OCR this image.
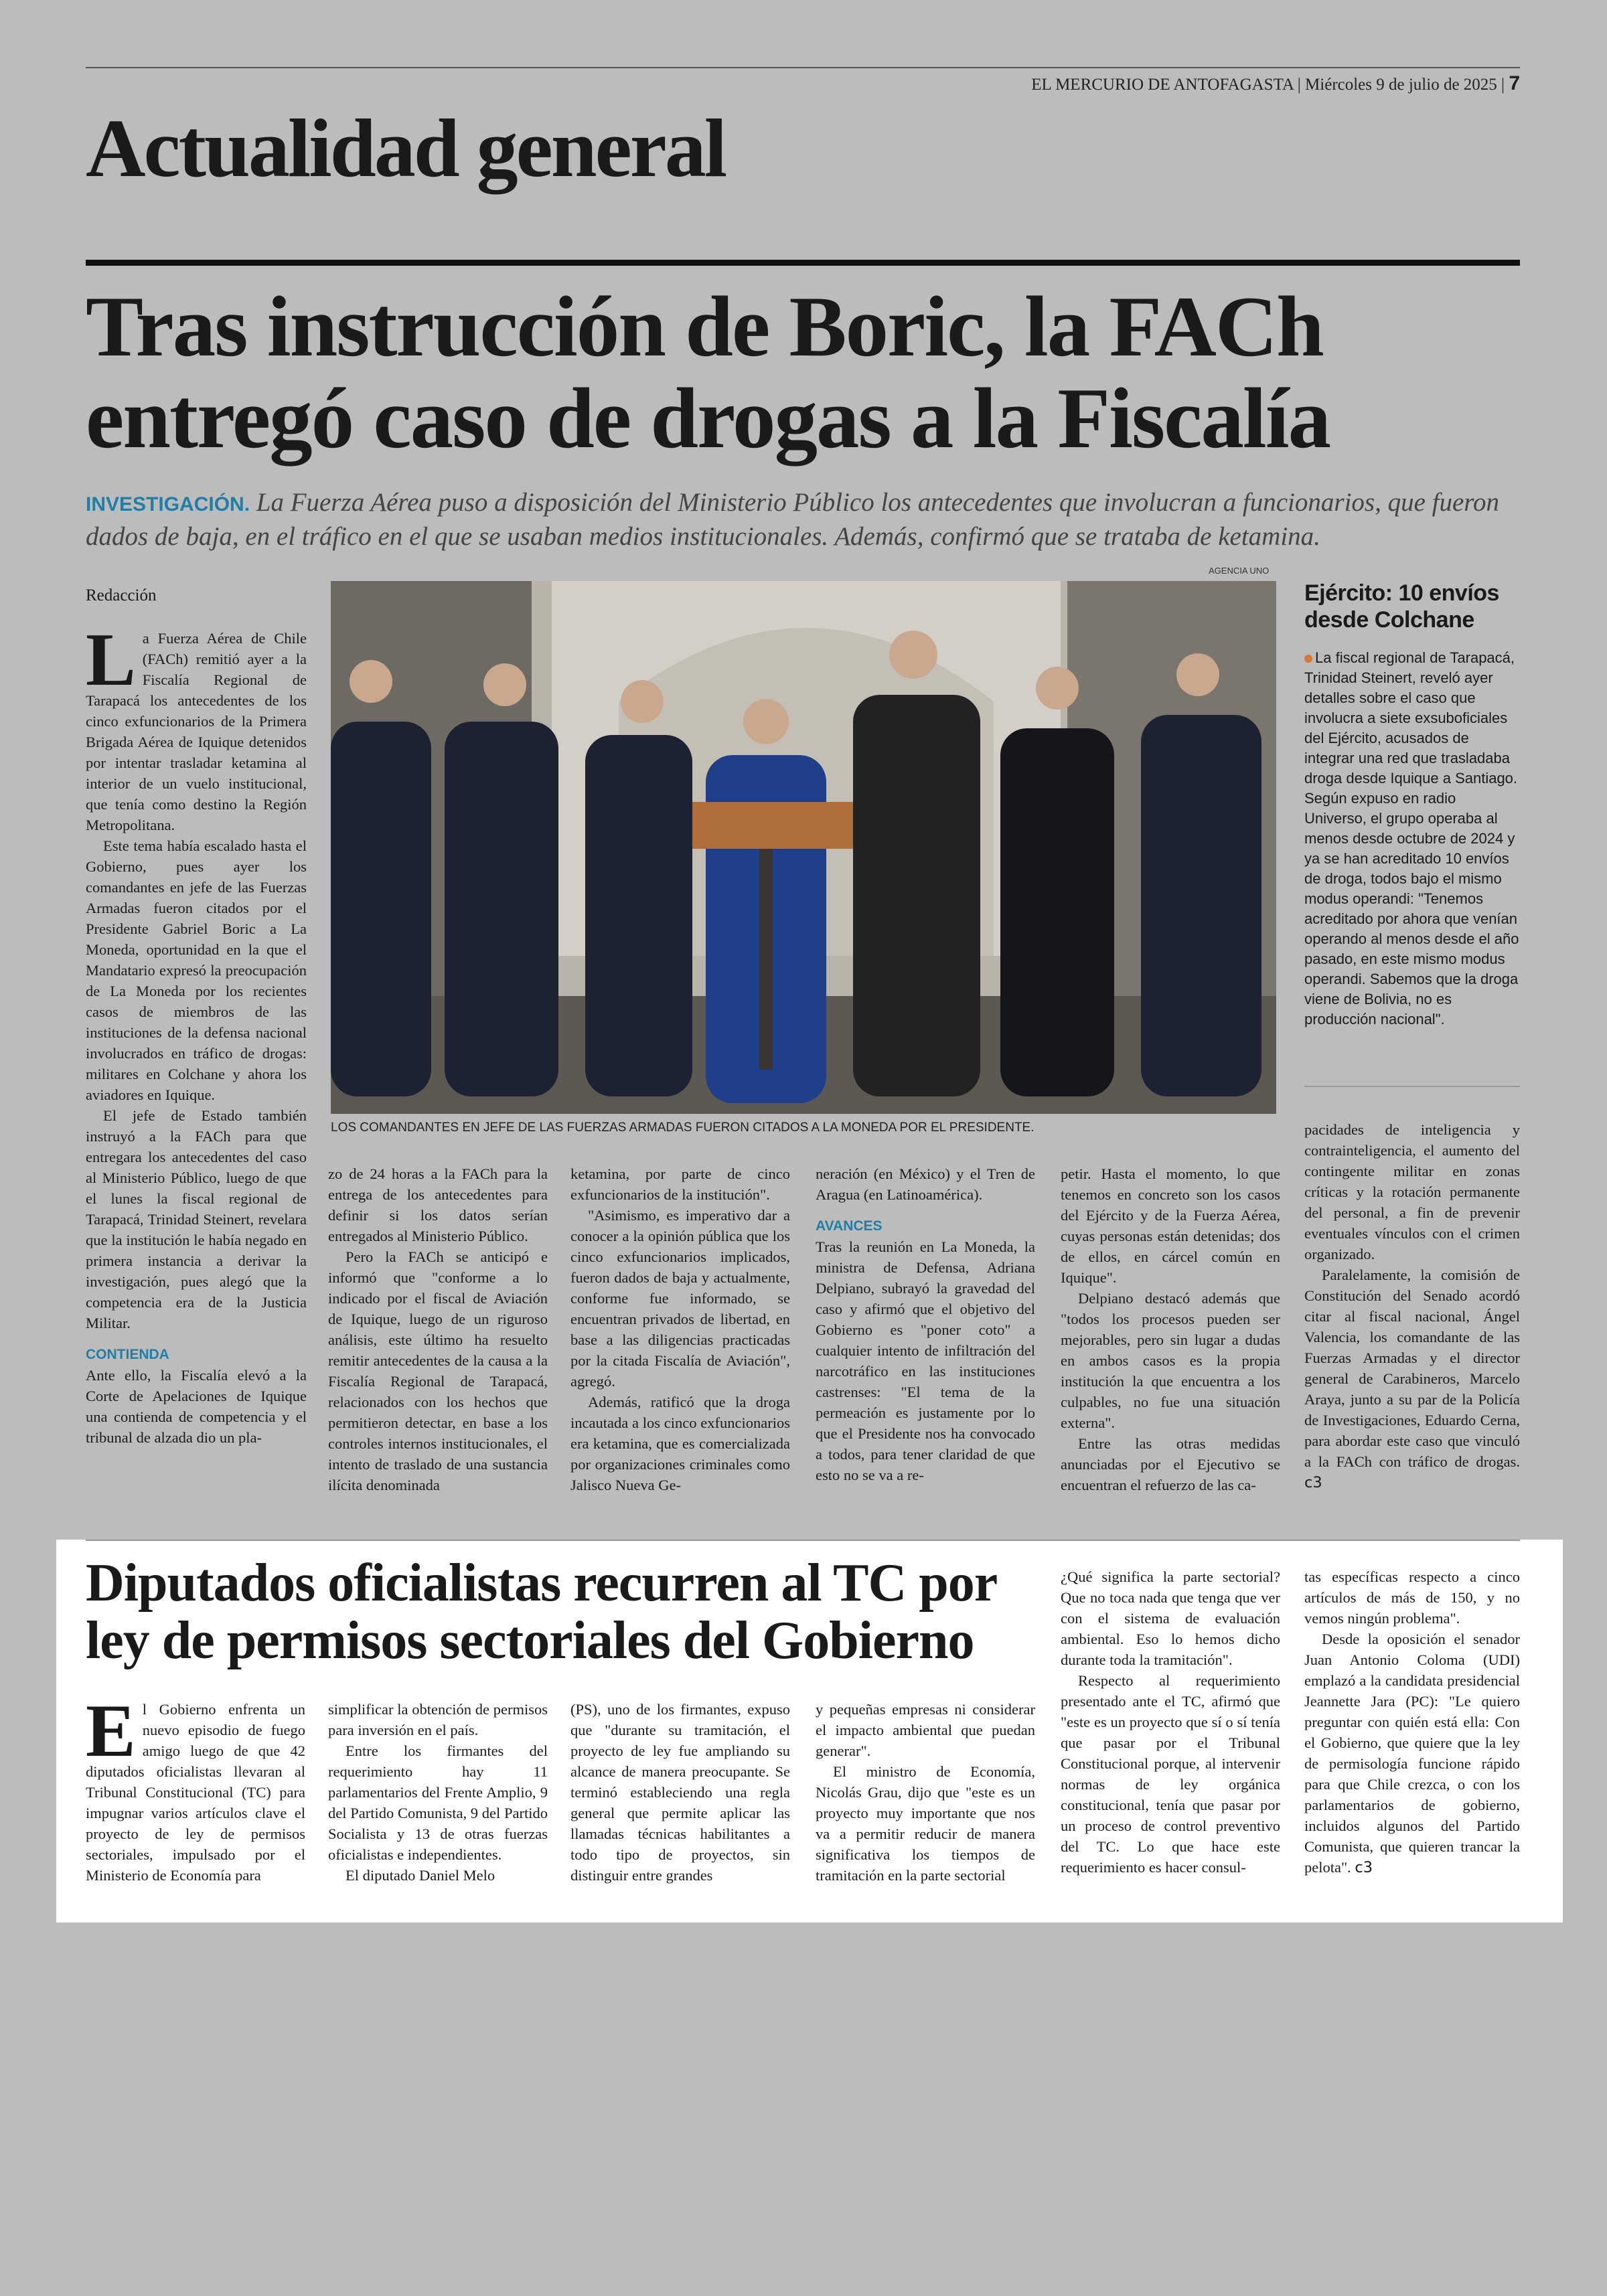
EL MERCURIO DE ANTOFAGASTA | Miércoles 9 de julio de 2025 | 7
Actualidad general
Tras instrucción de Boric, la FACh entregó caso de drogas a la Fiscalía
INVESTIGACIÓN. La Fuerza Aérea puso a disposición del Ministerio Público los antecedentes que involucran a funcionarios, que fueron dados de baja, en el tráfico en el que se usaban medios institucionales. Además, confirmó que se trataba de ketamina.
AGENCIA UNO
Redacción

La Fuerza Aérea de Chile (FACh) remitió ayer a la Fiscalía Regional de Tarapacá los antecedentes de los cinco exfuncionarios de la Primera Brigada Aérea de Iquique detenidos por intentar trasladar ketamina al interior de un vuelo institucional, que tenía como destino la Región Metropolitana.

Este tema había escalado hasta el Gobierno, pues ayer los comandantes en jefe de las Fuerzas Armadas fueron citados por el Presidente Gabriel Boric a La Moneda, oportunidad en la que el Mandatario expresó la preocupación de La Moneda por los recientes casos de miembros de las instituciones de la defensa nacional involucrados en tráfico de drogas: militares en Colchane y ahora los aviadores en Iquique.

El jefe de Estado también instruyó a la FACh para que entregara los antecedentes del caso al Ministerio Público, luego de que el lunes la fiscal regional de Tarapacá, Trinidad Steinert, revelara que la institución le había negado en primera instancia a derivar la investigación, pues alegó que la competencia era de la Justicia Militar.

CONTIENDA

Ante ello, la Fiscalía elevó a la Corte de Apelaciones de Iquique una contienda de competencia y el tribunal de alzada dio un pla-

LOS COMANDANTES EN JEFE DE LAS FUERZAS ARMADAS FUERON CITADOS A LA MONEDA POR EL PRESIDENTE.
Ejército: 10 envíos desde Colchane
La fiscal regional de Tarapacá, Trinidad Steinert, reveló ayer detalles sobre el caso que involucra a siete exsuboficiales del Ejército, acusados de integrar una red que trasladaba droga desde Iquique a Santiago. Según expuso en radio Universo, el grupo operaba al menos desde octubre de 2024 y ya se han acreditado 10 envíos de droga, todos bajo el mismo modus operandi: "Tenemos acreditado por ahora que venían operando al menos desde el año pasado, en este mismo modus operandi. Sabemos que la droga viene de Bolivia, no es producción nacional".

zo de 24 horas a la FACh para la entrega de los antecedentes para definir si los datos serían entregados al Ministerio Público.

Pero la FACh se anticipó e informó que "conforme a lo indicado por el fiscal de Aviación de Iquique, luego de un riguroso análisis, este último ha resuelto remitir antecedentes de la causa a la Fiscalía Regional de Tarapacá, relacionados con los hechos que permitieron detectar, en base a los controles internos institucionales, el intento de traslado de una sustancia ilícita denominada

ketamina, por parte de cinco exfuncionarios de la institución".

"Asimismo, es imperativo dar a conocer a la opinión pública que los cinco exfuncionarios implicados, fueron dados de baja y actualmente, conforme fue informado, se encuentran privados de libertad, en base a las diligencias practicadas por la citada Fiscalía de Aviación", agregó.

Además, ratificó que la droga incautada a los cinco exfuncionarios era ketamina, que es comercializada por organizaciones criminales como Jalisco Nueva Ge-

neración (en México) y el Tren de Aragua (en Latinoamérica).

AVANCES

Tras la reunión en La Moneda, la ministra de Defensa, Adriana Delpiano, subrayó la gravedad del caso y afirmó que el objetivo del Gobierno es "poner coto" a cualquier intento de infiltración del narcotráfico en las instituciones castrenses: "El tema de la permeación es justamente por lo que el Presidente nos ha convocado a todos, para tener claridad de que esto no se va a re-

petir. Hasta el momento, lo que tenemos en concreto son los casos del Ejército y de la Fuerza Aérea, cuyas personas están detenidas; dos de ellos, en cárcel común en Iquique".

Delpiano destacó además que "todos los procesos pueden ser mejorables, pero sin lugar a dudas en ambos casos es la propia institución la que encuentra a los culpables, no fue una situación externa".

Entre las otras medidas anunciadas por el Ejecutivo se encuentran el refuerzo de las ca-

pacidades de inteligencia y contrainteligencia, el aumento del contingente militar en zonas críticas y la rotación permanente del personal, a fin de prevenir eventuales vínculos con el crimen organizado.

Paralelamente, la comisión de Constitución del Senado acordó citar al fiscal nacional, Ángel Valencia, los comandante de las Fuerzas Armadas y el director general de Carabineros, Marcelo Araya, junto a su par de la Policía de Investigaciones, Eduardo Cerna, para abordar este caso que vinculó a la FACh con tráfico de drogas. c3

Diputados oficialistas recurren al TC por ley de permisos sectoriales del Gobierno

El Gobierno enfrenta un nuevo episodio de fuego amigo luego de que 42 diputados oficialistas llevaran al Tribunal Constitucional (TC) para impugnar varios artículos clave el proyecto de ley de permisos sectoriales, impulsado por el Ministerio de Economía para

simplificar la obtención de permisos para inversión en el país.

Entre los firmantes del requerimiento hay 11 parlamentarios del Frente Amplio, 9 del Partido Comunista, 9 del Partido Socialista y 13 de otras fuerzas oficialistas e independientes.

El diputado Daniel Melo

(PS), uno de los firmantes, expuso que "durante su tramitación, el proyecto de ley fue ampliando su alcance de manera preocupante. Se terminó estableciendo una regla general que permite aplicar las llamadas técnicas habilitantes a todo tipo de proyectos, sin distinguir entre grandes

y pequeñas empresas ni considerar el impacto ambiental que puedan generar".

El ministro de Economía, Nicolás Grau, dijo que "este es un proyecto muy importante que nos va a permitir reducir de manera significativa los tiempos de tramitación en la parte sectorial

¿Qué significa la parte sectorial? Que no toca nada que tenga que ver con el sistema de evaluación ambiental. Eso lo hemos dicho durante toda la tramitación".

Respecto al requerimiento presentado ante el TC, afirmó que "este es un proyecto que sí o sí tenía que pasar por el Tribunal Constitucional porque, al intervenir normas de ley orgánica constitucional, tenía que pasar por un proceso de control preventivo del TC. Lo que hace este requerimiento es hacer consul-

tas específicas respecto a cinco artículos de más de 150, y no vemos ningún problema".

Desde la oposición el senador Juan Antonio Coloma (UDI) emplazó a la candidata presidencial Jeannette Jara (PC): "Le quiero preguntar con quién está ella: Con el Gobierno, que quiere que la ley de permisología funcione rápido para que Chile crezca, o con los parlamentarios de gobierno, incluidos algunos del Partido Comunista, que quieren trancar la pelota". c3
